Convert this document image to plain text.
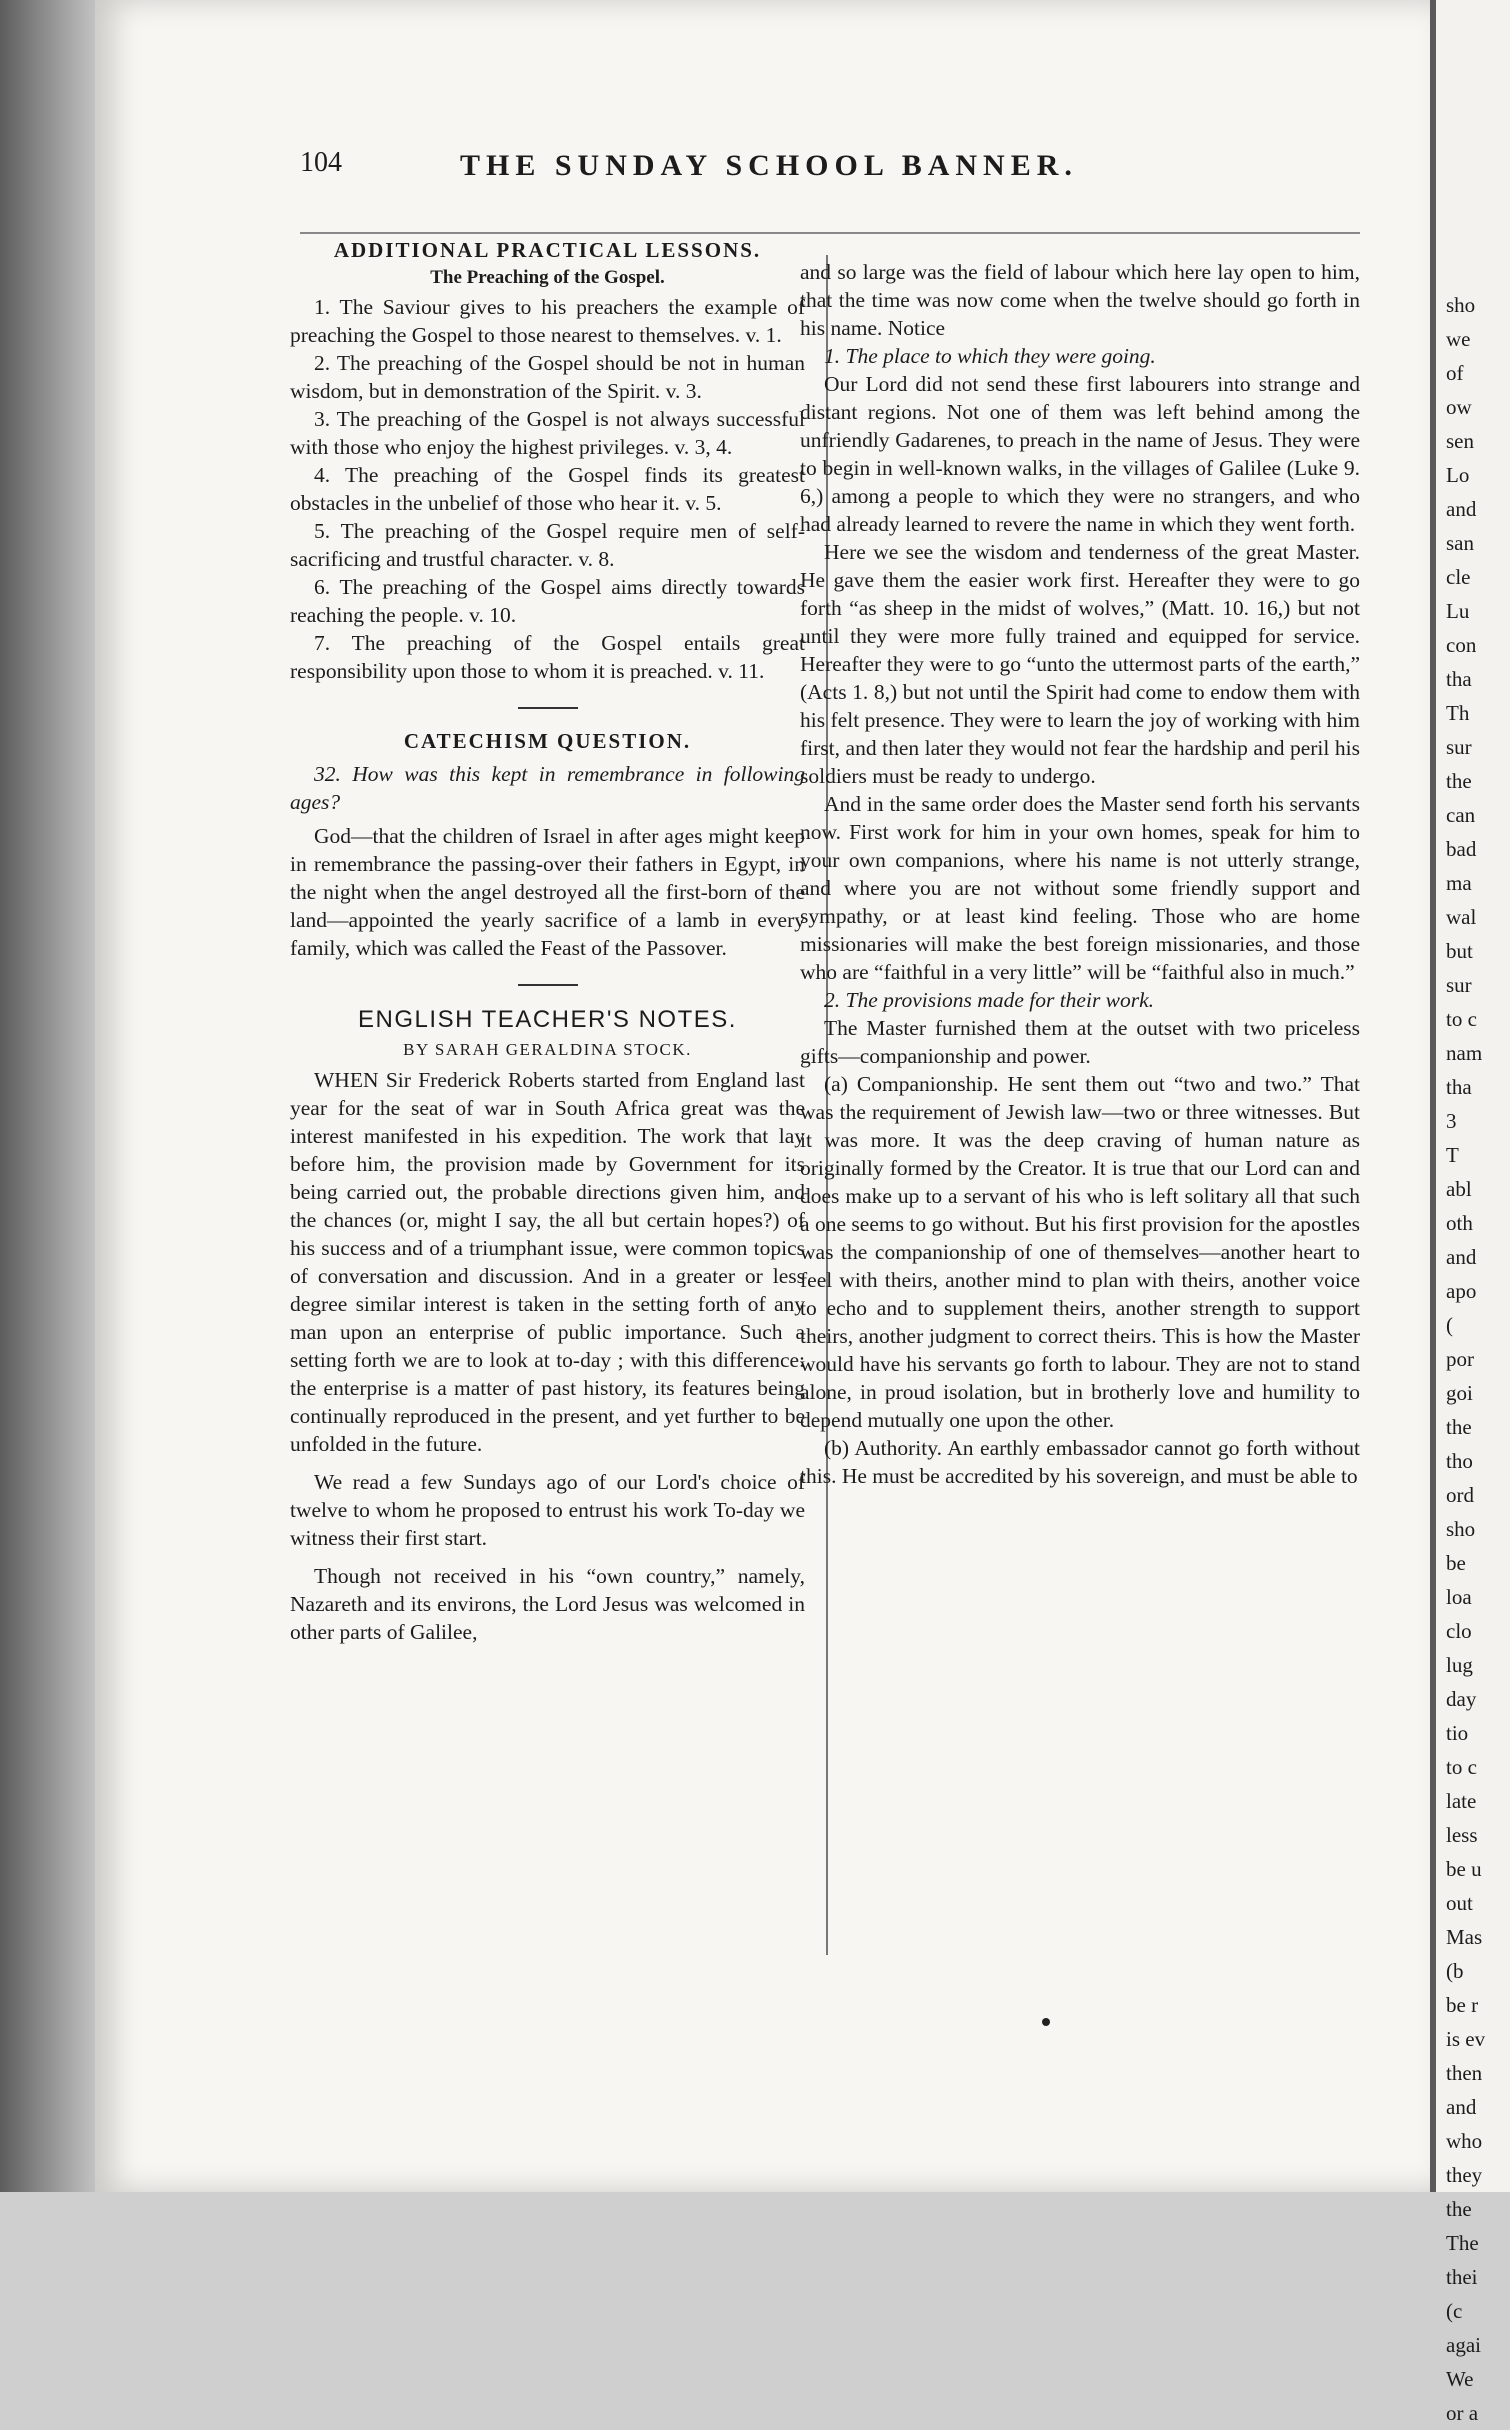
104	THE SUNDAY SCHOOL BANNER.
ADDITIONAL PRACTICAL LESSONS.
The Preaching of the Gospel.

1. The Saviour gives to his preachers the example of preaching the Gospel to those nearest to themselves. v. 1.

2. The preaching of the Gospel should be not in human wisdom, but in demonstration of the Spirit. v. 3.

3. The preaching of the Gospel is not always successful with those who enjoy the highest privileges. v. 3, 4.

4. The preaching of the Gospel finds its greatest obstacles in the unbelief of those who hear it. v. 5.

5. The preaching of the Gospel require men of self-sacrificing and trustful character. v. 8.

6. The preaching of the Gospel aims directly towards reaching the people. v. 10.

7. The preaching of the Gospel entails great responsibility upon those to whom it is preached. v. 11.

CATECHISM QUESTION.

32. How was this kept in remembrance in following ages?

God—that the children of Israel in after ages might keep in remembrance the passing-over their fathers in Egypt, in the night when the angel destroyed all the first-born of the land—appointed the yearly sacrifice of a lamb in every family, which was called the Feast of the Passover.

ENGLISH TEACHER'S NOTES.
BY SARAH GERALDINA STOCK.

WHEN Sir Frederick Roberts started from England last year for the seat of war in South Africa great was the interest manifested in his expedition. The work that lay before him, the provision made by Government for its being carried out, the probable directions given him, and the chances (or, might I say, the all but certain hopes?) of his success and of a triumphant issue, were common topics of conversation and discussion. And in a greater or less degree similar interest is taken in the setting forth of any man upon an enterprise of public importance. Such a setting forth we are to look at to-day ; with this difference: the enterprise is a matter of past history, its features being continually reproduced in the present, and yet further to be unfolded in the future.

We read a few Sundays ago of our Lord's choice of twelve to whom he proposed to entrust his work To-day we witness their first start.

Though not received in his “own country,” namely, Nazareth and its environs, the Lord Jesus was welcomed in other parts of Galilee,

and so large was the field of labour which here lay open to him, that the time was now come when the twelve should go forth in his name. Notice

1. The place to which they were going.

Our Lord did not send these first labourers into strange and distant regions. Not one of them was left behind among the unfriendly Gadarenes, to preach in the name of Jesus. They were to begin in well-known walks, in the villages of Galilee (Luke 9. 6,) among a people to which they were no strangers, and who had already learned to revere the name in which they went forth.

Here we see the wisdom and tenderness of the great Master. He gave them the easier work first. Hereafter they were to go forth “as sheep in the midst of wolves,” (Matt. 10. 16,) but not until they were more fully trained and equipped for service. Hereafter they were to go “unto the uttermost parts of the earth,” (Acts 1. 8,) but not until the Spirit had come to endow them with his felt presence. They were to learn the joy of working with him first, and then later they would not fear the hardship and peril his soldiers must be ready to undergo.

And in the same order does the Master send forth his servants now. First work for him in your own homes, speak for him to your own companions, where his name is not utterly strange, and where you are not without some friendly support and sympathy, or at least kind feeling. Those who are home missionaries will make the best foreign missionaries, and those who are “faithful in a very little” will be “faithful also in much.”

2. The provisions made for their work.

The Master furnished them at the outset with two priceless gifts—companionship and power.

(a) Companionship. He sent them out “two and two.” That was the requirement of Jewish law—two or three witnesses. But it was more. It was the deep craving of human nature as originally formed by the Creator. It is true that our Lord can and does make up to a servant of his who is left solitary all that such a one seems to go without. But his first provision for the apostles was the companionship of one of themselves—another heart to feel with theirs, another mind to plan with theirs, another voice to echo and to supplement theirs, another strength to support theirs, another judgment to correct theirs. This is how the Master would have his servants go forth to labour. They are not to stand alone, in proud isolation, but in brotherly love and humility to depend mutually one upon the other.

(b) Authority. An earthly embassador cannot go forth without this. He must be accredited by his sovereign, and must be able to

sho
we
of
ow
sen
Lo
and
san
cle
Lu
con
tha
Th
sur
the
can
bad
ma
wal
but
sur
to c
nam
tha
3
T
abl
oth
and
apo
(
por
goi
the
tho
ord
sho
be
loa
clo
lug
day
tio
to c
late
less
be u
out
Mas
(b
be r
is ev
then
and
who
they
the
The
thei
(c
agai
We
or a
